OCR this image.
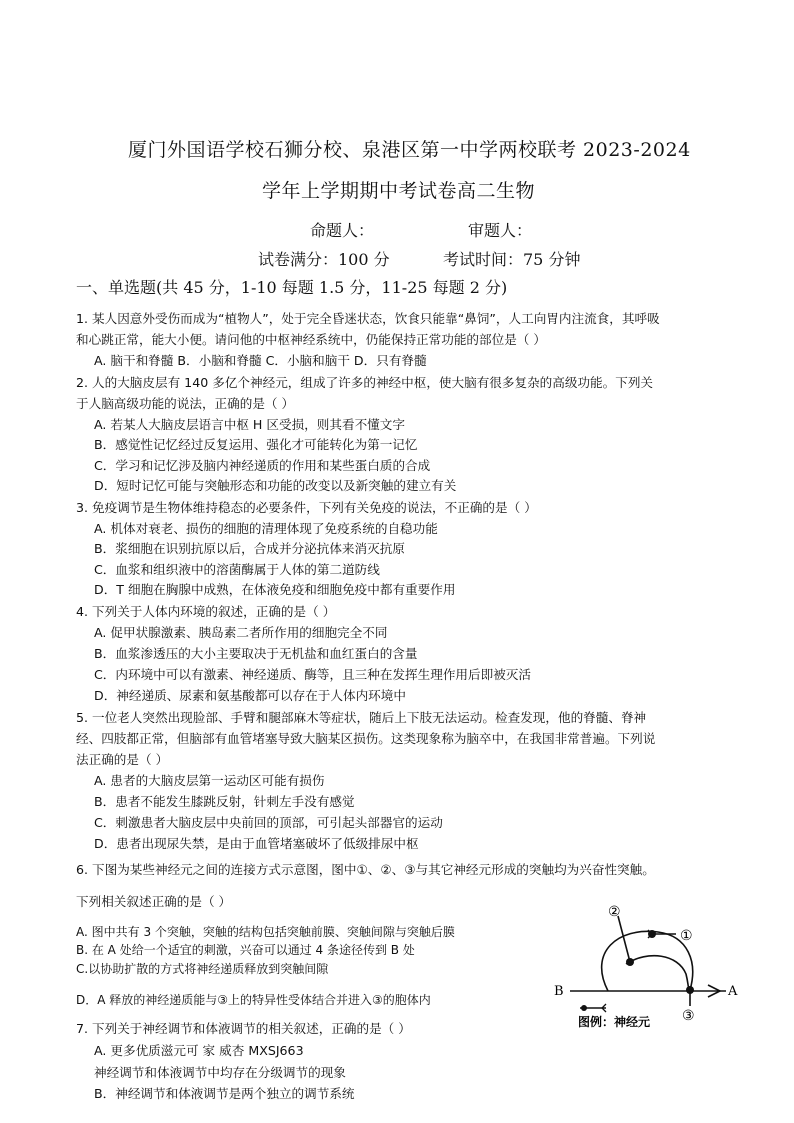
厦门外国语学校石狮分校、泉港区第一中学两校联考 2023-2024
学年上学期期中考试卷高二生物
命题人：	审题人：
试卷满分：100 分	考试时间：75 分钟
一、单选题(共 45 分，1-10 每题 1.5 分，11-25 每题 2 分)
1. 某人因意外受伤而成为“植物人”，处于完全昏迷状态，饮食只能靠“鼻饲”，人工向胃内注流食，其呼吸
和心跳正常，能大小便。请问他的中枢神经系统中，仍能保持正常功能的部位是（ ）
A. 脑干和脊髓 B．小脑和脊髓 C．小脑和脑干 D．只有脊髓
2. 人的大脑皮层有 140 多亿个神经元，组成了许多的神经中枢，使大脑有很多复杂的高级功能。下列关
于人脑高级功能的说法，正确的是（ ）
A. 若某人大脑皮层语言中枢 H 区受损，则其看不懂文字
B．感觉性记忆经过反复运用、强化才可能转化为第一记忆
C．学习和记忆涉及脑内神经递质的作用和某些蛋白质的合成
D．短时记忆可能与突触形态和功能的改变以及新突触的建立有关
3. 免疫调节是生物体维持稳态的必要条件，下列有关免疫的说法，不正确的是（ ）
A. 机体对衰老、损伤的细胞的清理体现了免疫系统的自稳功能
B．浆细胞在识别抗原以后，合成并分泌抗体来消灭抗原
C．血浆和组织液中的溶菌酶属于人体的第二道防线
D．T 细胞在胸腺中成熟，在体液免疫和细胞免疫中都有重要作用
4. 下列关于人体内环境的叙述，正确的是（ ）
A. 促甲状腺激素、胰岛素二者所作用的细胞完全不同
B．血浆渗透压的大小主要取决于无机盐和血红蛋白的含量
C．内环境中可以有激素、神经递质、酶等，且三种在发挥生理作用后即被灭活
D．神经递质、尿素和氨基酸都可以存在于人体内环境中
5. 一位老人突然出现脸部、手臂和腿部麻木等症状，随后上下肢无法运动。检查发现，他的脊髓、脊神
经、四肢都正常，但脑部有血管堵塞导致大脑某区损伤。这类现象称为脑卒中，在我国非常普遍。下列说
法正确的是（ ）
A. 患者的大脑皮层第一运动区可能有损伤
B．患者不能发生膝跳反射，针刺左手没有感觉
C．刺激患者大脑皮层中央前回的顶部，可引起头部器官的运动
D．患者出现尿失禁，是由于血管堵塞破坏了低级排尿中枢
6. 下图为某些神经元之间的连接方式示意图，图中①、②、③与其它神经元形成的突触均为兴奋性突触。
下列相关叙述正确的是（ ）
A. 图中共有 3 个突触，突触的结构包括突触前膜、突触间隙与突触后膜
B. 在 A 处给一个适宜的刺激，兴奋可以通过 4 条途径传到 B 处
C.以协助扩散的方式将神经递质释放到突触间隙
D．A 释放的神经递质能与③上的特异性受体结合并进入③的胞体内
7. 下列关于神经调节和体液调节的相关叙述，正确的是（ ）
A. 更多优质滋元可 家 威杏 MXSJ663
神经调节和体液调节中均存在分级调节的现象
B．神经调节和体液调节是两个独立的调节系统
②
①
③
A
B
图例：神经元
